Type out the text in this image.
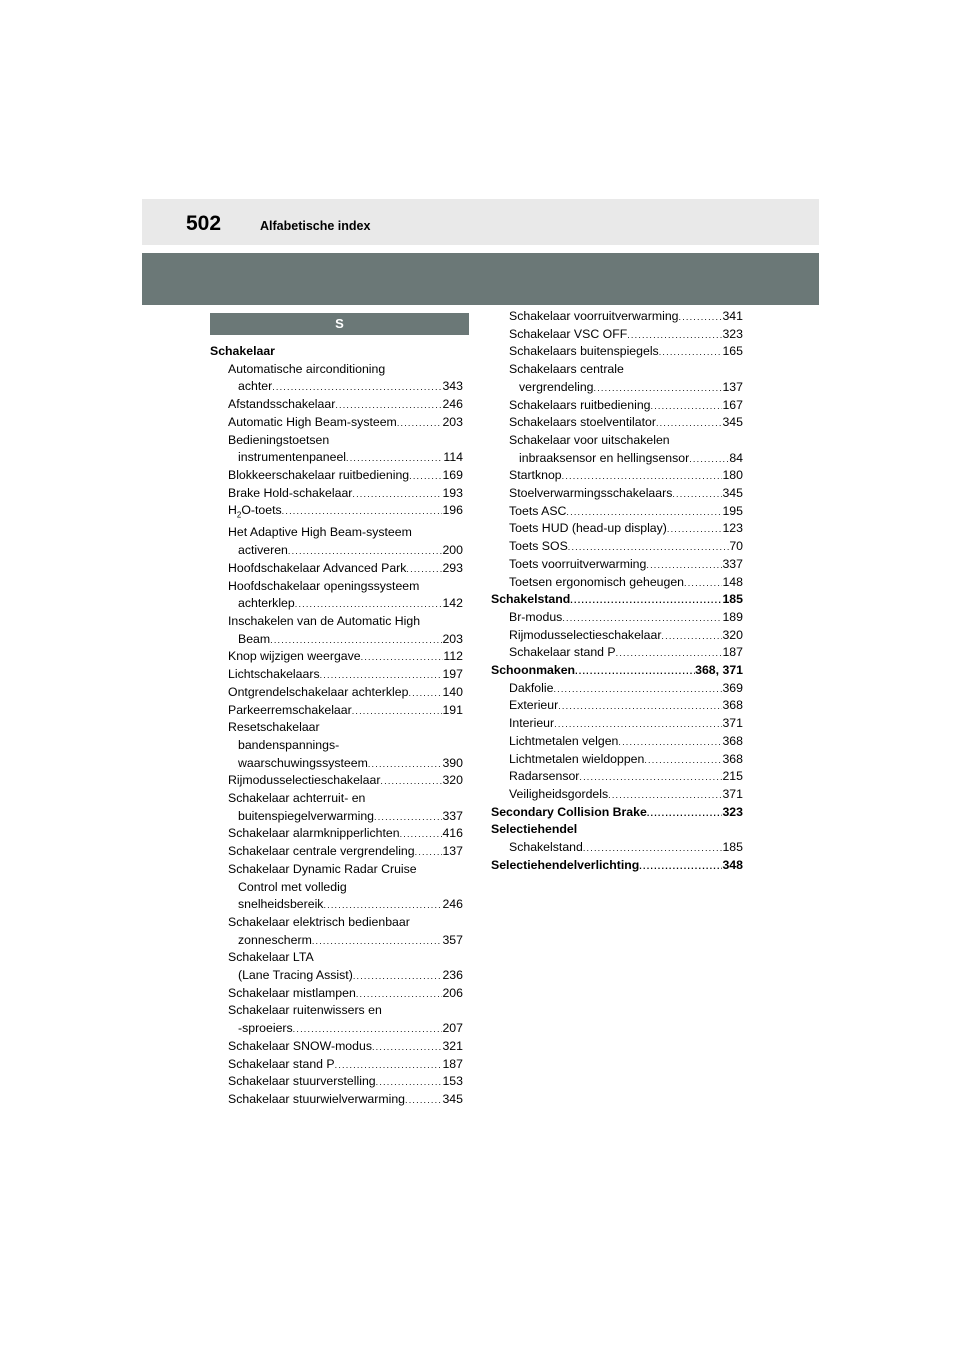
502	Alfabetische index
S
Schakelaar
Automatische airconditioning
achter .....	343
Afstandsschakelaar .....	246
Automatic High Beam-systeem .....	203
Bedieningstoetsen
instrumentenpaneel .....	114
Blokkeerschakelaar ruitbediening .....	169
Brake Hold-schakelaar .....	193
$H_2O$-toets .....	196
Het Adaptive High Beam-systeem
activeren .....	200
Hoofdschakelaar Advanced Park .....	293
Hoofdschakelaar openingssysteem
achterklep .....	142
Inschakelen van de Automatic High
Beam .....	203
Knop wijzigen weergave .....	112
Lichtschakelaars .....	197
Ontgrendelschakelaar achterklep .....	140
Parkeerremschakelaar .....	191
Resetschakelaar
bandenspannings-
waarschuwingssysteem .....	390
Rijmodusselectieschakelaar .....	320
Schakelaar achterruit- en
buitenspiegelverwarming .....	337
Schakelaar alarmknipperlichten .....	416
Schakelaar centrale vergrendeling ..... 137
Schakelaar Dynamic Radar Cruise
Control met volledig
snelheidsbereik .....	246
Schakelaar elektrisch bedienbaar
zonnescherm .....	357
Schakelaar LTA
(Lane Tracing Assist) .....	236
Schakelaar mistlampen .....	206
Schakelaar ruitenwissers en
-sproeiers .....	207
Schakelaar SNOW-modus .....	321
Schakelaar stand P .....	187
Schakelaar stuurverstelling .....	153
Schakelaar stuurwielverwarming .....	345
Schakelaar voorruitverwarming .....	341
Schakelaar VSC OFF .....	323
Schakelaars buitenspiegels .....	165
Schakelaars centrale
vergrendeling .....	137
Schakelaars ruitbediening .....	167
Schakelaars stoelventilator .....	345
Schakelaar voor uitschakelen
inbraaksensor en hellingsensor .....	84
Startknop .....	180
Stoelverwarmingsschakelaars .....	345
Toets ASC .....	195
Toets HUD (head-up display) .....	123
Toets SOS .....	70
Toets voorruitverwarming .....	337
Toetsen ergonomisch geheugen .....	148
Schakelstand .....	185
Br-modus .....	189
Rijmodusselectieschakelaar .....	320
Schakelaar stand P .....	187
Schoonmaken .....	368, 371
Dakfolie .....	369
Exterieur .....	368
Interieur .....	371
Lichtmetalen velgen .....	368
Lichtmetalen wieldoppen .....	368
Radarsensor .....	215
Veiligheidsgordels .....	371
Secondary Collision Brake .....	323
Selectiehendel
Schakelstand .....	185
Selectiehendelverlichting .....	348
